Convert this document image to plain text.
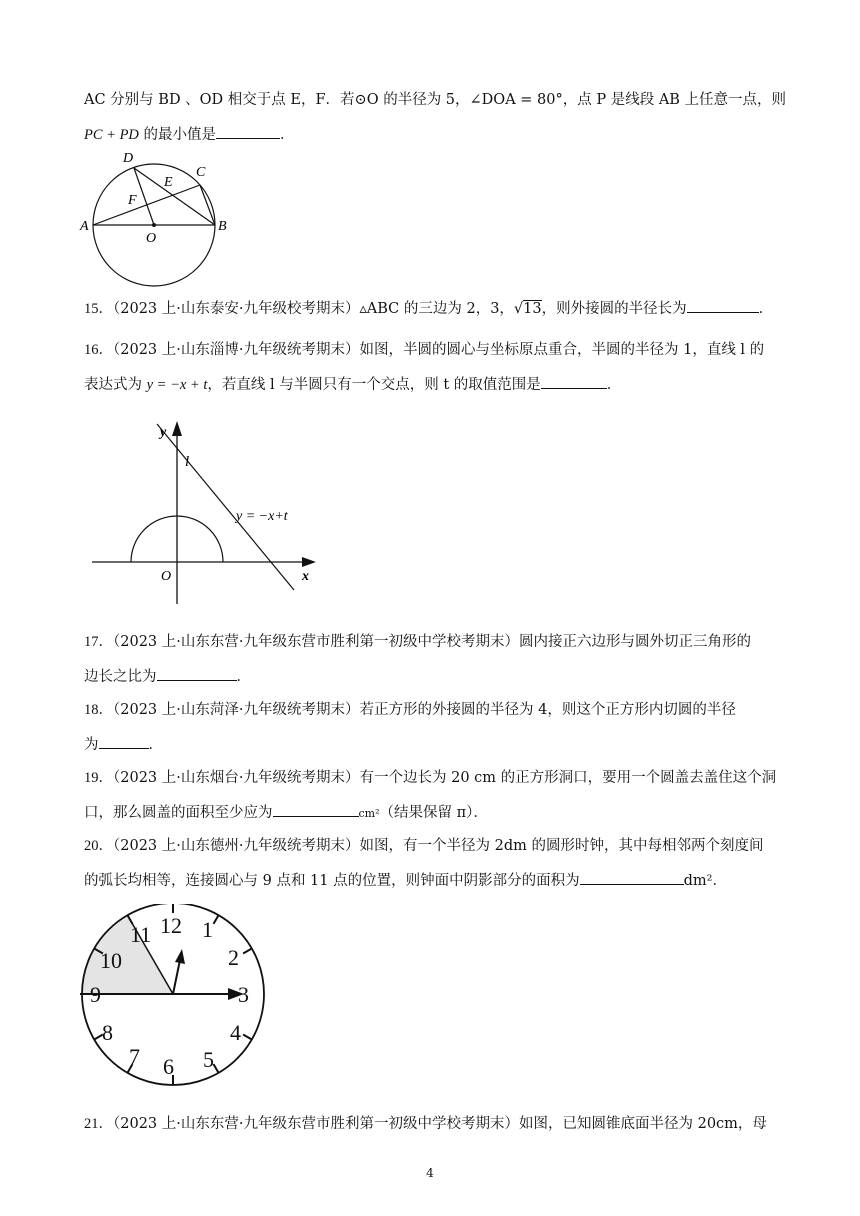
AC 分别与 BD 、OD 相交于点 E，F．若⊙O 的半径为 5，∠DOA = 80°，点 P 是线段 AB 上任意一点，则
PC + PD 的最小值是	．
D
C
E
F
A
O
B
15．（2023 上·山东泰安·九年级校考期末）▵ABC 的三边为 2，3，√13，则外接圆的半径长为	．
16．（2023 上·山东淄博·九年级统考期末）如图，半圆的圆心与坐标原点重合，半圆的半径为 1，直线 l 的
表达式为 y = −x + t，若直线 l 与半圆只有一个交点，则 t 的取值范围是	．
y
x
O
l
y = −x+t
17．（2023 上·山东东营·九年级东营市胜利第一初级中学校考期末）圆内接正六边形与圆外切正三角形的
边长之比为	．
18．（2023 上·山东菏泽·九年级统考期末）若正方形的外接圆的半径为 4，则这个正方形内切圆的半径
为	．
19．（2023 上·山东烟台·九年级统考期末）有一个边长为 20 cm 的正方形洞口，要用一个圆盖去盖住这个洞
口，那么圆盖的面积至少应为	cm²（结果保留 π）．
20．（2023 上·山东德州·九年级统考期末）如图，有一个半径为 2dm 的圆形时钟，其中每相邻两个刻度间
的弧长均相等，连接圆心与 9 点和 11 点的位置，则钟面中阴影部分的面积为	dm²．
12 1
2
3
4
5
6
7
8
9
10
11
21．（2023 上·山东东营·九年级东营市胜利第一初级中学校考期末）如图，已知圆锥底面半径为 20cm，母
4
